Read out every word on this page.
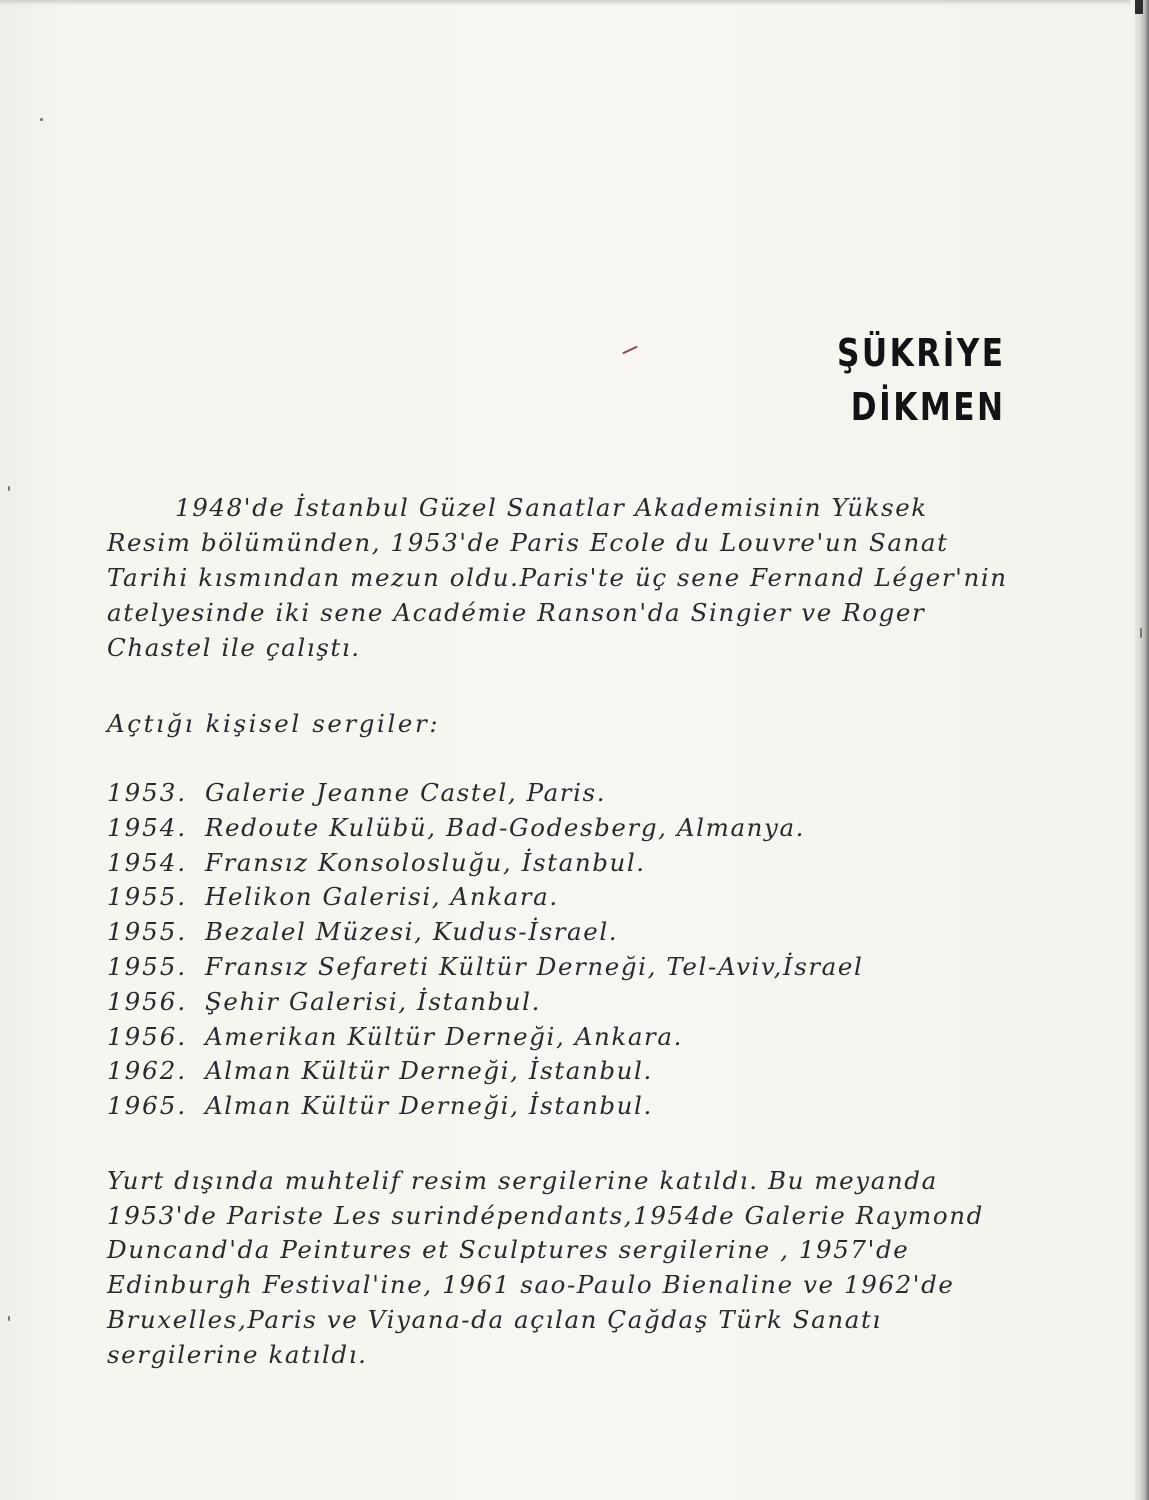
ŞÜKRİYE
DİKMEN

1948'de İstanbul Güzel Sanatlar Akademisinin Yüksek Resim bölümünden, 1953'de Paris Ecole du Louvre'un Sanat Tarihi kısmından mezun oldu.Paris'te üç sene Fernand Léger'nin atelyesinde iki sene Académie Ranson'da Singier ve Roger Chastel ile çalıştı.

Açtığı kişisel sergiler:
1953. Galerie Jeanne Castel, Paris.
1954. Redoute Kulübü, Bad-Godesberg, Almanya.
1954. Fransız Konsolosluğu, İstanbul.
1955. Helikon Galerisi, Ankara.
1955. Bezalel Müzesi, Kudus-İsrael.
1955. Fransız Sefareti Kültür Derneği, Tel-Aviv,İsrael
1956. Şehir Galerisi, İstanbul.
1956. Amerikan Kültür Derneği, Ankara.
1962. Alman Kültür Derneği, İstanbul.
1965. Alman Kültür Derneği, İstanbul.

Yurt dışında muhtelif resim sergilerine katıldı. Bu meyanda 1953'de Pariste Les surindépendants,1954de Galerie Raymond Duncand'da Peintures et Sculptures sergilerine , 1957'de Edinburgh Festival'ine, 1961 sao-Paulo Bienaline ve 1962'de Bruxelles,Paris ve Viyana-da açılan Çağdaş Türk Sanatı sergilerine katıldı.
